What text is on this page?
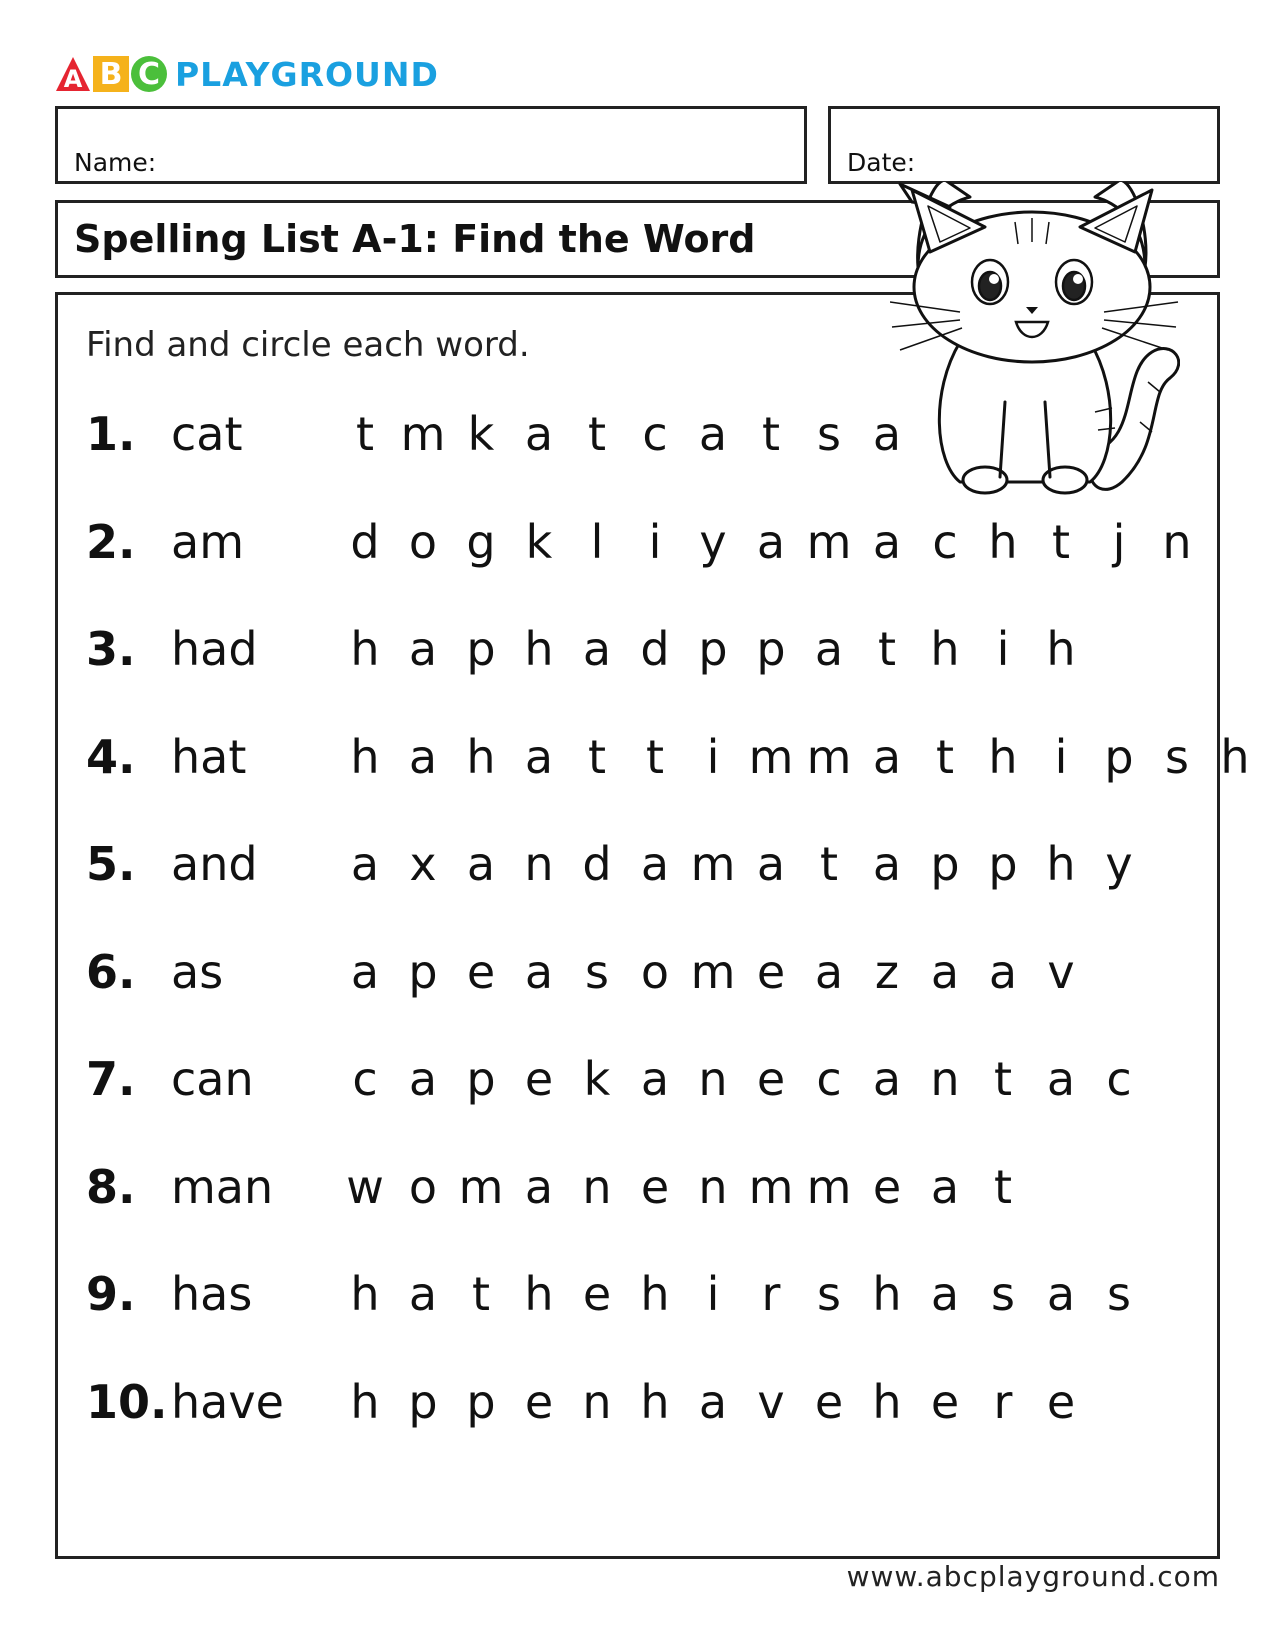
A B C PLAYGROUND
Name:	Date:
Spelling List A-1: Find the Word
Find and circle each word.
1. cat t m k a t c a t s a
2. am d o g k l i y a m a c h t j n
3. had h a p h a d p p a t h i h
4. hat h a h a t t i m m a t h i p s h
5. and a x a n d a m a t a p p h y
6. as	a p e a s o m e a z a a v
7. can c a p e k a n e c a n t a c
8. man w o m a n e n m m e a t
9. has h a t h e h i r s h a s a s
10. have h p p e n h a v e h e r e
www.abcplayground.com
